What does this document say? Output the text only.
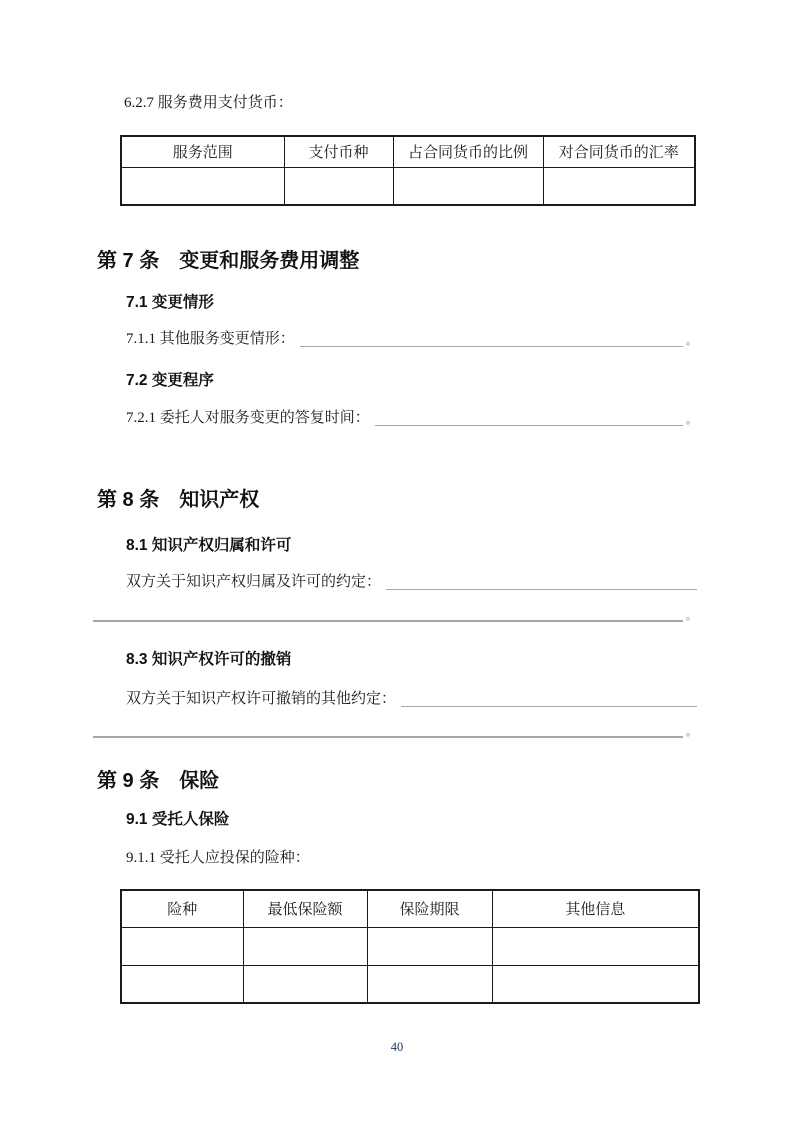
6.2.7 服务费用支付货币：
服务范围	支付币种	占合同货币的比例	对合同货币的汇率

第 7 条　变更和服务费用调整
7.1 变更情形
7.1.1 其他服务变更情形：	。
7.2 变更程序
7.2.1 委托人对服务变更的答复时间：	。
第 8 条　知识产权
8.1 知识产权归属和许可
双方关于知识产权归属及许可的约定：
。
8.3 知识产权许可的撤销
双方关于知识产权许可撤销的其他约定：
。
第 9 条　保险
9.1 受托人保险
9.1.1 受托人应投保的险种：
险种	最低保险额	保险期限	其他信息

40
